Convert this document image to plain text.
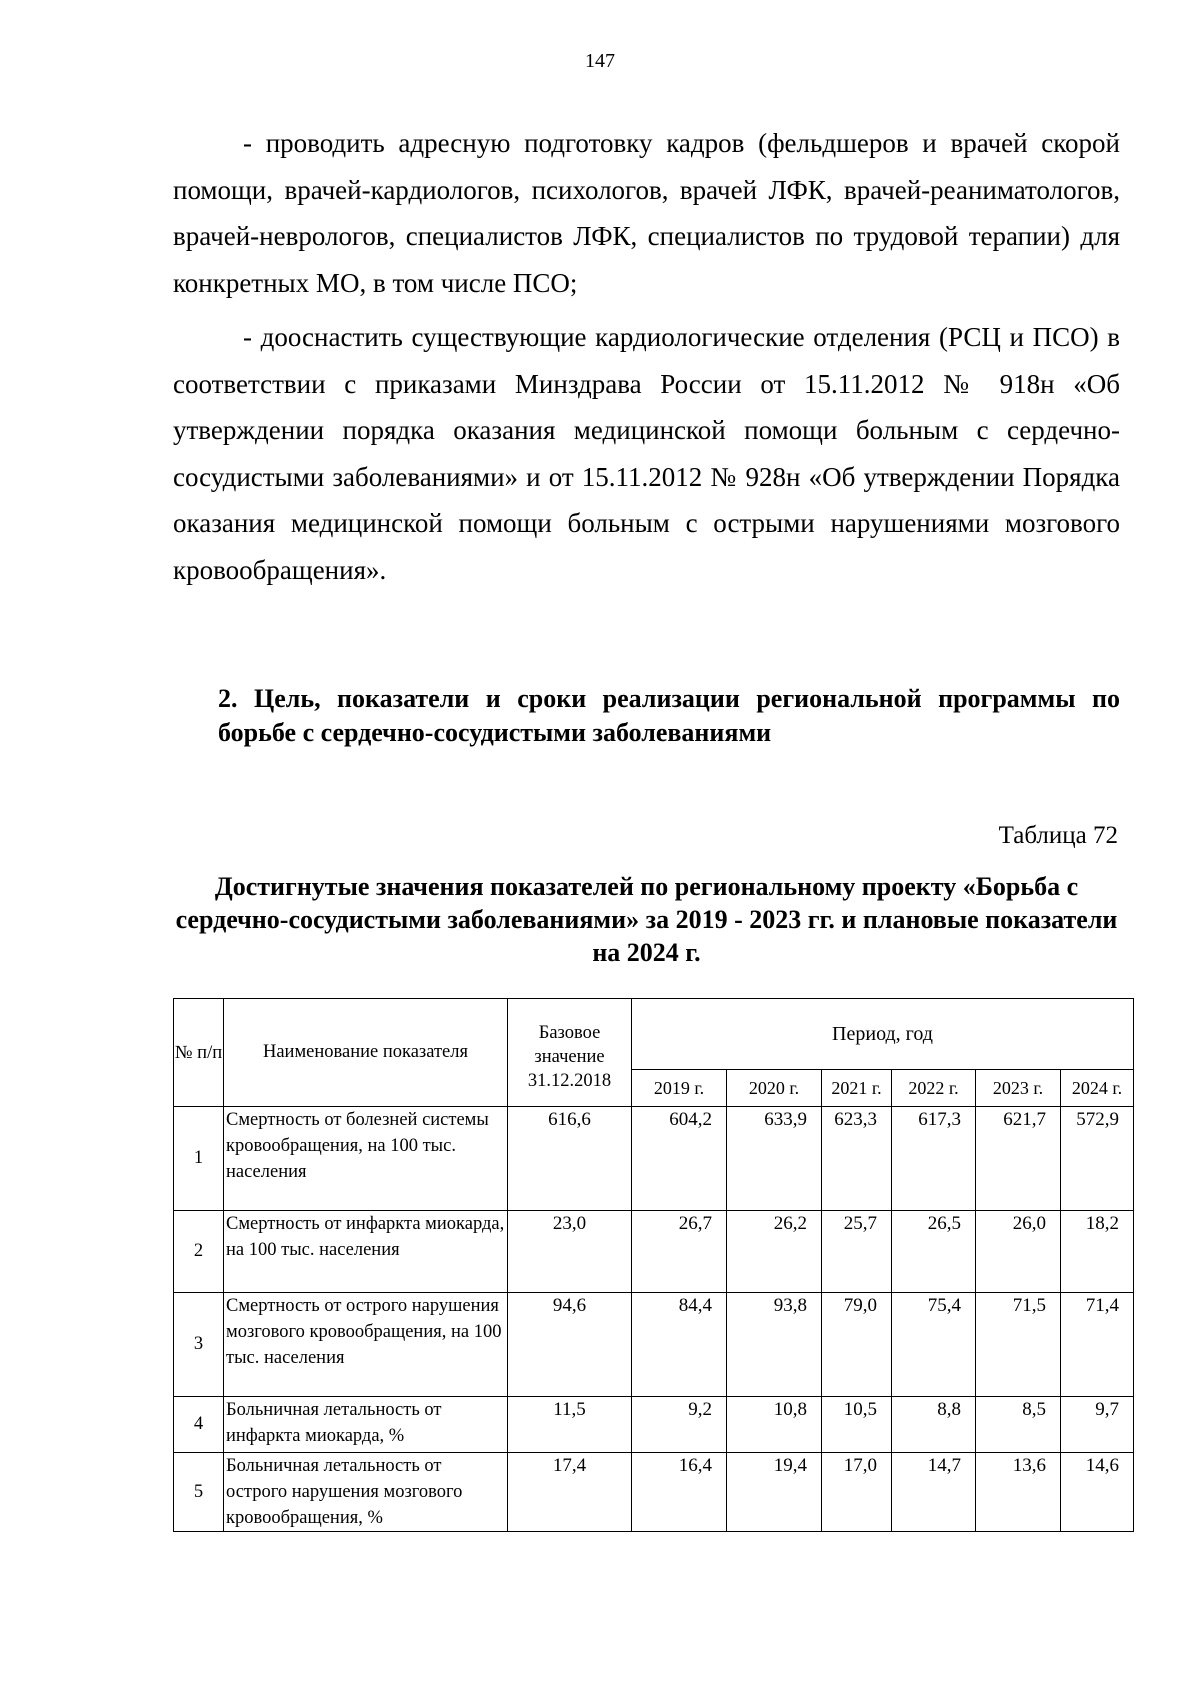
147

- проводить адресную подготовку кадров (фельдшеров и врачей скорой помощи, врачей-кардиологов, психологов, врачей ЛФК, врачей-реаниматологов, врачей-неврологов, специалистов ЛФК, специалистов по трудовой терапии) для конкретных МО, в том числе ПСО;

- дооснастить существующие кардиологические отделения (РСЦ и ПСО) в соответствии с приказами Минздрава России от 15.11.2012 № 918н «Об утверждении порядка оказания медицинской помощи больным с сердечно-сосудистыми заболеваниями» и от 15.11.2012 № 928н «Об утверждении Порядка оказания медицинской помощи больным с острыми нарушениями мозгового кровообращения».

2. Цель, показатели и сроки реализации региональной программы по борьбе с сердечно-сосудистыми заболеваниями

Таблица 72

Достигнутые значения показателей по региональному проекту «Борьба с сердечно-сосудистыми заболеваниями» за 2019 - 2023 гг. и плановые показатели на 2024 г.

№ п/п	Наименование показателя	Базовое значение 31.12.2018	Период, год					
			2019 г.	2020 г.	2021 г.	2022 г.	2023 г.	2024 г.
1	Смертность от болезней системы кровообращения, на 100 тыс. населения	616,6	604,2	633,9	623,3	617,3	621,7	572,9
2	Смертность от инфаркта миокарда, на 100 тыс. населения	23,0	26,7	26,2	25,7	26,5	26,0	18,2
3	Смертность от острого нарушения мозгового кровообращения, на 100 тыс. населения	94,6	84,4	93,8	79,0	75,4	71,5	71,4
4	Больничная летальность от инфаркта миокарда, %	11,5	9,2	10,8	10,5	8,8	8,5	9,7
5	Больничная летальность от острого нарушения мозгового кровообращения, %	17,4	16,4	19,4	17,0	14,7	13,6	14,6
